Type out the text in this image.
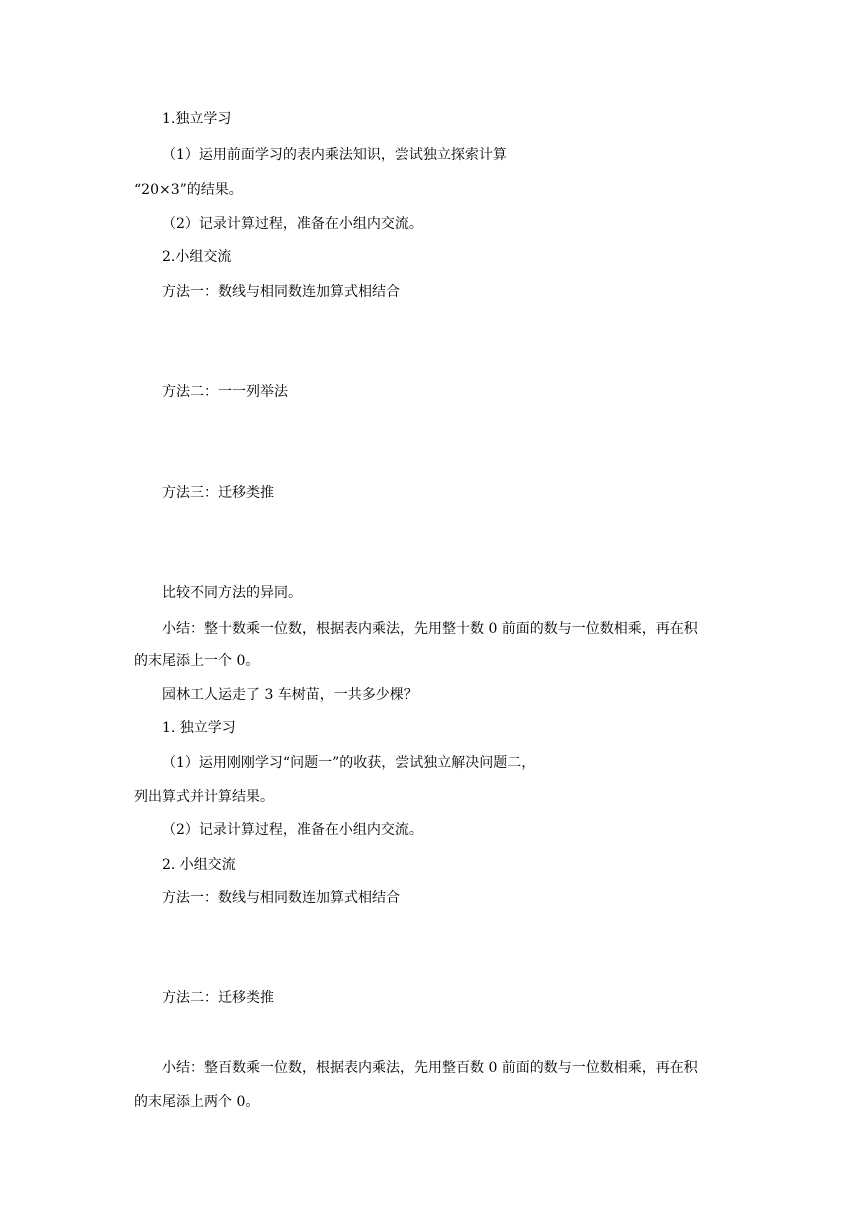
1.独立学习
（1）运用前面学习的表内乘法知识，尝试独立探索计算
“20×3”的结果。
（2）记录计算过程，准备在小组内交流。
2.小组交流
方法一：数线与相同数连加算式相结合
方法二：一一列举法
方法三：迁移类推
比较不同方法的异同。
小结：整十数乘一位数，根据表内乘法，先用整十数 0 前面的数与一位数相乘，再在积
的末尾添上一个 0。
园林工人运走了 3 车树苗，一共多少棵？
1. 独立学习
（1）运用刚刚学习“问题一”的收获，尝试独立解决问题二，
列出算式并计算结果。
（2）记录计算过程，准备在小组内交流。
2. 小组交流
方法一：数线与相同数连加算式相结合
方法二：迁移类推
小结：整百数乘一位数，根据表内乘法，先用整百数 0 前面的数与一位数相乘，再在积
的末尾添上两个 0。
